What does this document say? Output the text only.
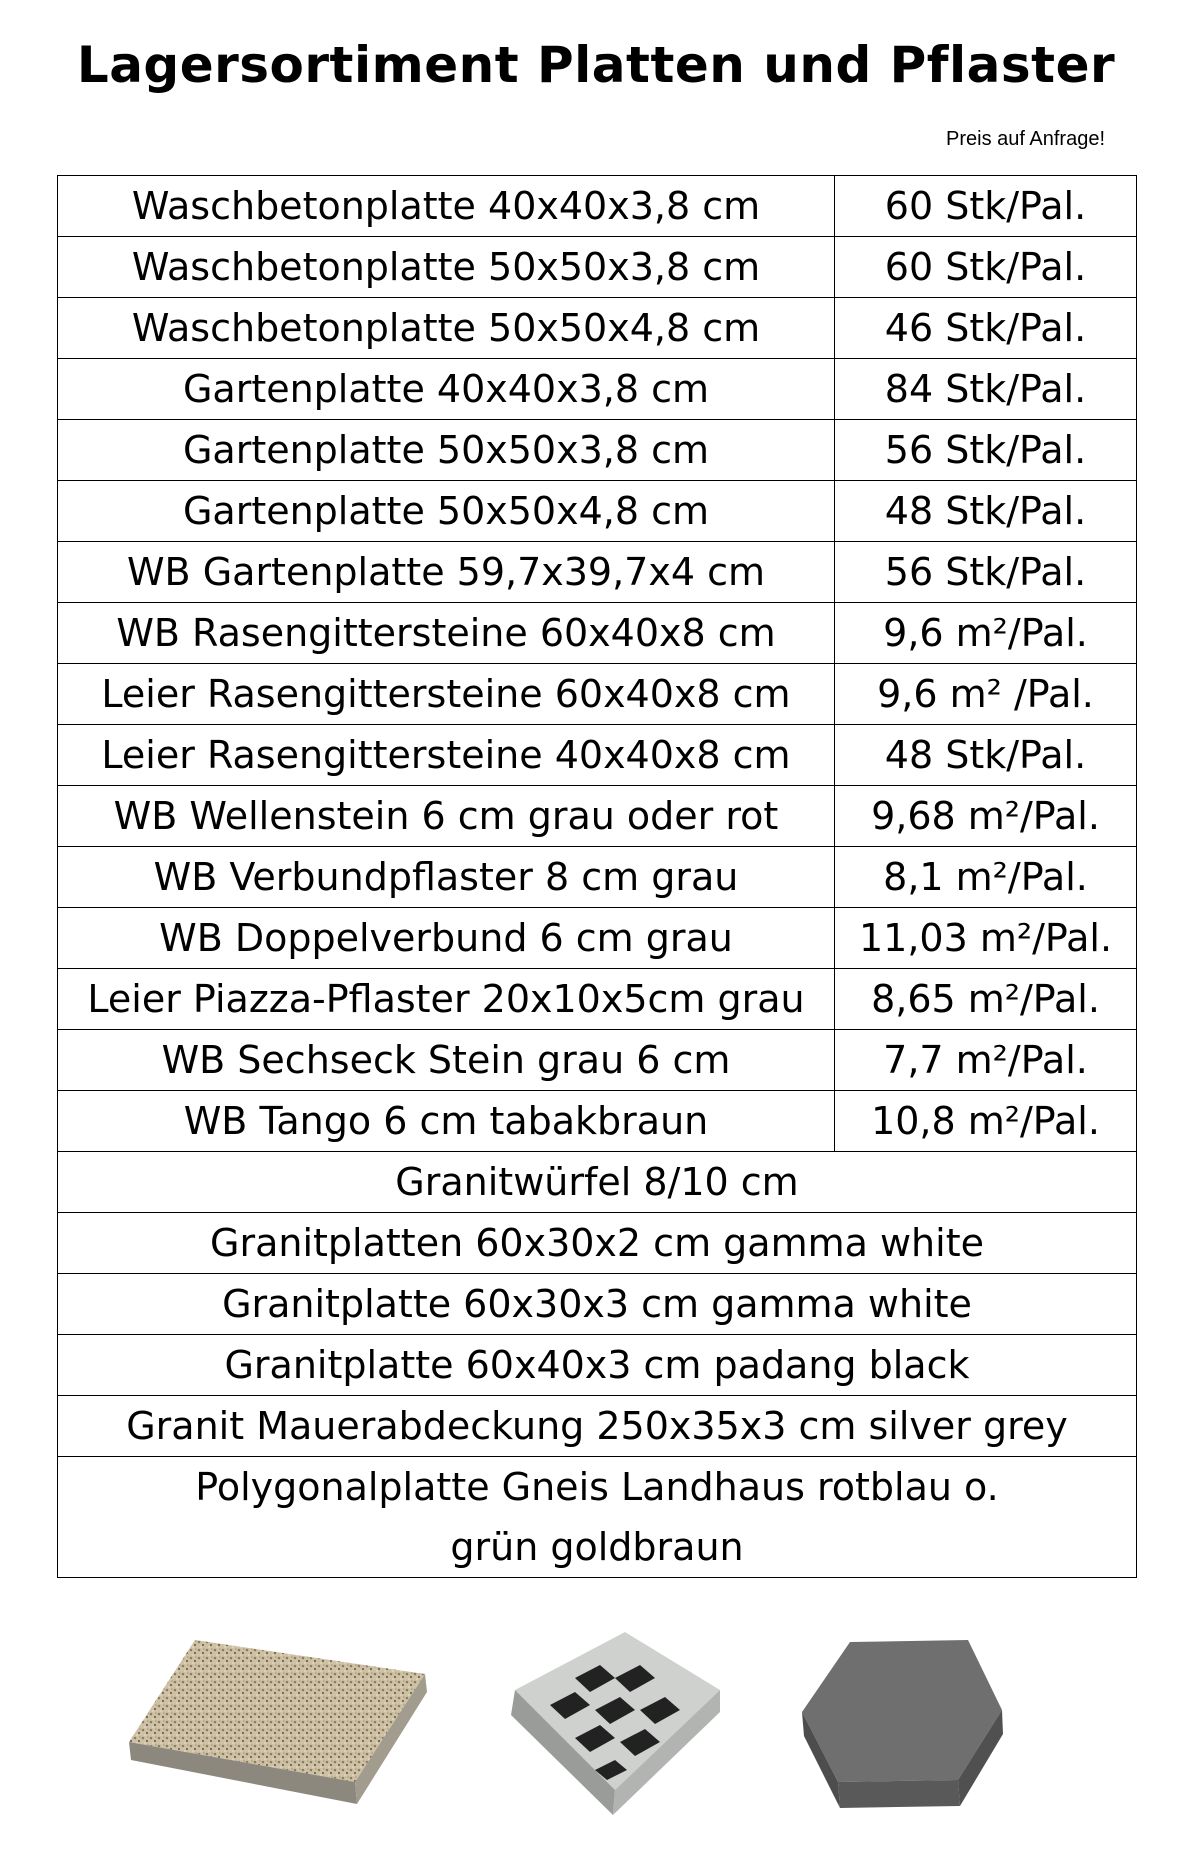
Lagersortiment Platten und Pflaster
Preis auf Anfrage!
Waschbetonplatte 40x40x3,8 cm	60 Stk/Pal.
Waschbetonplatte 50x50x3,8 cm	60 Stk/Pal.
Waschbetonplatte 50x50x4,8 cm	46 Stk/Pal.
Gartenplatte 40x40x3,8 cm	84 Stk/Pal.
Gartenplatte 50x50x3,8 cm	56 Stk/Pal.
Gartenplatte 50x50x4,8 cm	48 Stk/Pal.
WB Gartenplatte 59,7x39,7x4 cm	56 Stk/Pal.
WB Rasengittersteine 60x40x8 cm	9,6 m²/Pal.
Leier Rasengittersteine 60x40x8 cm	9,6 m² /Pal.
Leier Rasengittersteine 40x40x8 cm	48 Stk/Pal.
WB Wellenstein 6 cm grau oder rot	9,68 m²/Pal.
WB Verbundpflaster 8 cm grau	8,1 m²/Pal.
WB Doppelverbund 6 cm grau	11,03 m²/Pal.
Leier Piazza-Pflaster 20x10x5cm grau	8,65 m²/Pal.
WB Sechseck Stein grau 6 cm	7,7 m²/Pal.
WB Tango 6 cm tabakbraun	10,8 m²/Pal.
Granitwürfel 8/10 cm	
Granitplatten 60x30x2 cm gamma white	
Granitplatte 60x30x3 cm gamma white	
Granitplatte 60x40x3 cm padang black	
Granit Mauerabdeckung 250x35x3 cm silver grey	
Polygonalplatte Gneis Landhaus rotblau o. grün goldbraun	
